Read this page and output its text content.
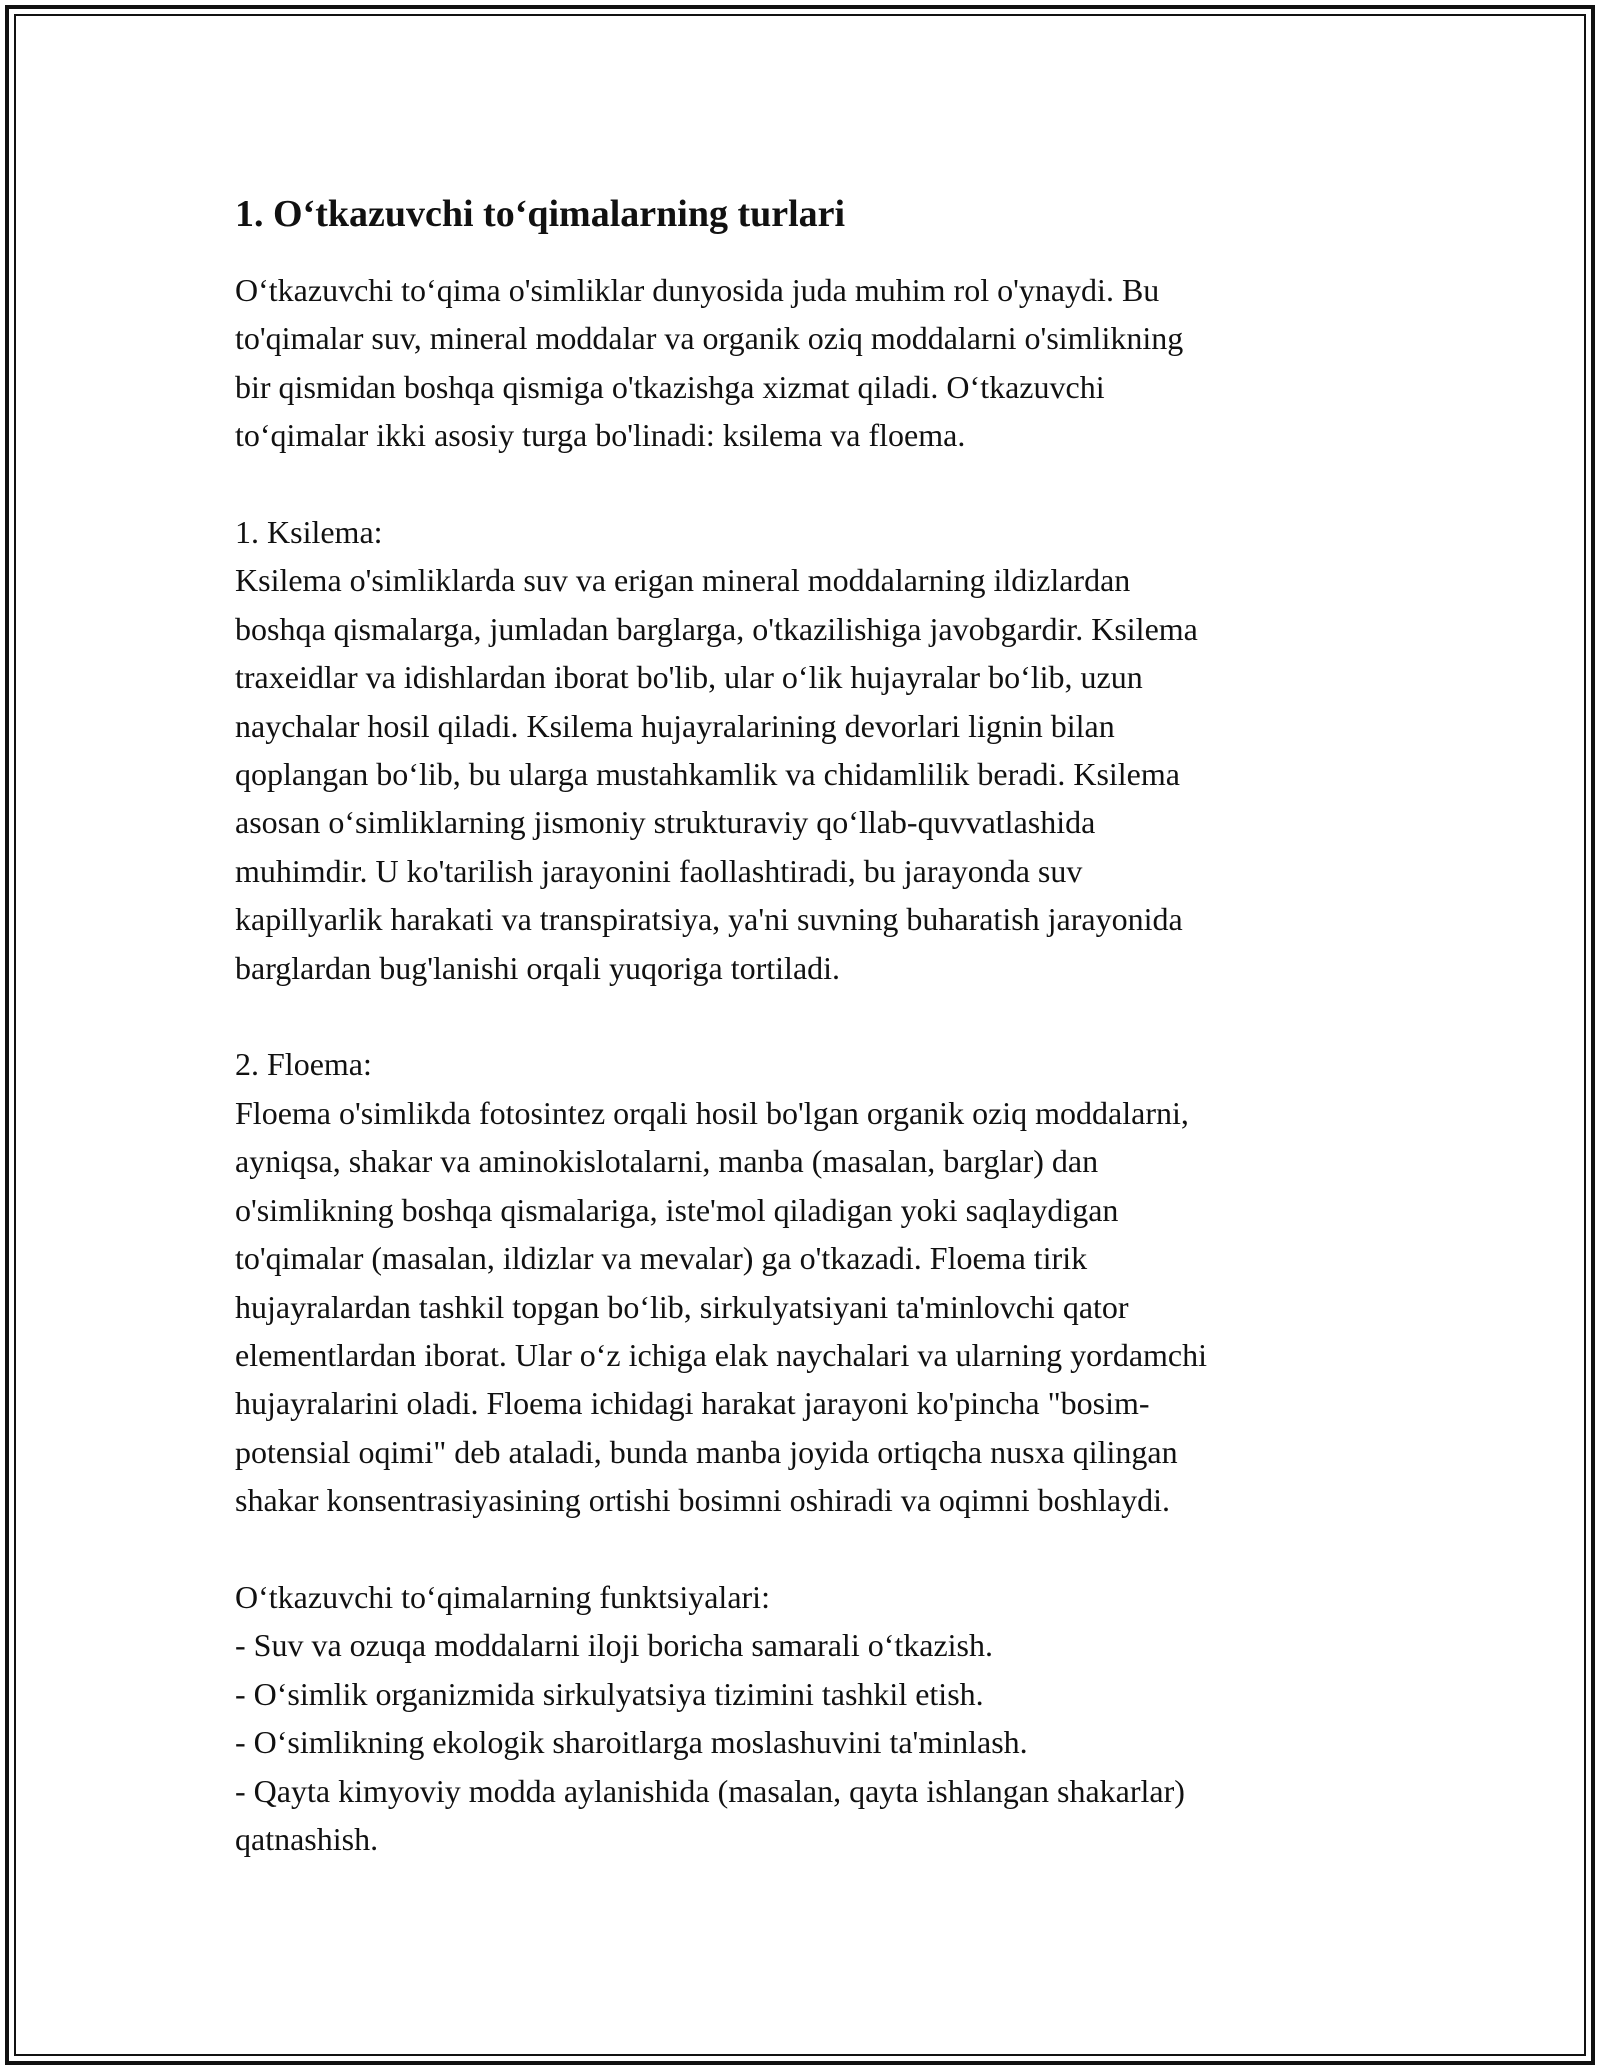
1. O‘tkazuvchi to‘qimalarning turlari

O‘tkazuvchi to‘qima o'simliklar dunyosida juda muhim rol o'ynaydi. Bu
to'qimalar suv, mineral moddalar va organik oziq moddalarni o'simlikning
bir qismidan boshqa qismiga o'tkazishga xizmat qiladi. O‘tkazuvchi
to‘qimalar ikki asosiy turga bo'linadi: ksilema va floema.

1. Ksilema:
Ksilema o'simliklarda suv va erigan mineral moddalarning ildizlardan
boshqa qismalarga, jumladan barglarga, o'tkazilishiga javobgardir. Ksilema
traxeidlar va idishlardan iborat bo'lib, ular o‘lik hujayralar bo‘lib, uzun
naychalar hosil qiladi. Ksilema hujayralarining devorlari lignin bilan
qoplangan bo‘lib, bu ularga mustahkamlik va chidamlilik beradi. Ksilema
asosan o‘simliklarning jismoniy strukturaviy qo‘llab-quvvatlashida
muhimdir. U ko'tarilish jarayonini faollashtiradi, bu jarayonda suv
kapillyarlik harakati va transpiratsiya, ya'ni suvning buharatish jarayonida
barglardan bug'lanishi orqali yuqoriga tortiladi.

2. Floema:
Floema o'simlikda fotosintez orqali hosil bo'lgan organik oziq moddalarni,
ayniqsa, shakar va aminokislotalarni, manba (masalan, barglar) dan
o'simlikning boshqa qismalariga, iste'mol qiladigan yoki saqlaydigan
to'qimalar (masalan, ildizlar va mevalar) ga o'tkazadi. Floema tirik
hujayralardan tashkil topgan bo‘lib, sirkulyatsiyani ta'minlovchi qator
elementlardan iborat. Ular o‘z ichiga elak naychalari va ularning yordamchi
hujayralarini oladi. Floema ichidagi harakat jarayoni ko'pincha "bosim-
potensial oqimi" deb ataladi, bunda manba joyida ortiqcha nusxa qilingan
shakar konsentrasiyasining ortishi bosimni oshiradi va oqimni boshlaydi.

O‘tkazuvchi to‘qimalarning funktsiyalari:
- Suv va ozuqa moddalarni iloji boricha samarali o‘tkazish.
- O‘simlik organizmida sirkulyatsiya tizimini tashkil etish.
- O‘simlikning ekologik sharoitlarga moslashuvini ta'minlash.
- Qayta kimyoviy modda aylanishida (masalan, qayta ishlangan shakarlar)
qatnashish.
